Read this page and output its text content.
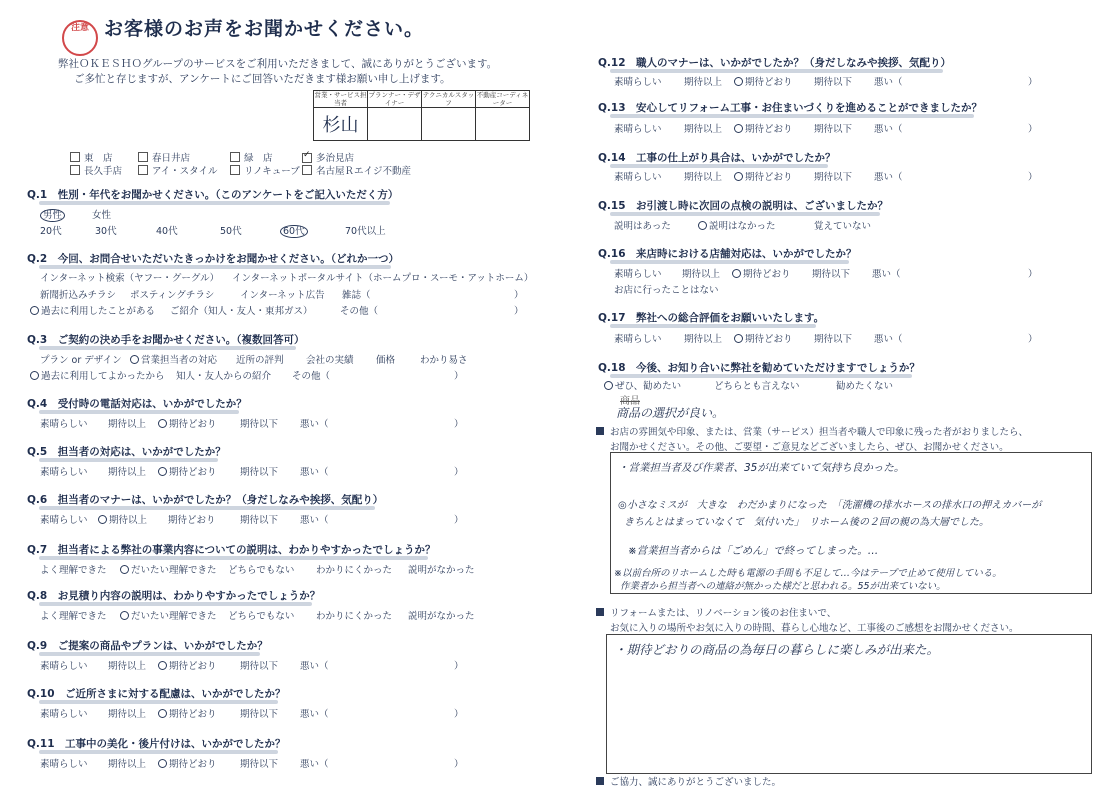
注意 お客様のお声をお聞かせください。
弊社ＯＫＥＳＨＯグループのサービスをご利用いただきまして、誠にありがとうございます。
ご多忙と存じますが、アンケートにご回答いただきます様お願い申し上げます。
営業・サービス担当者	プランナー・デザイナー	テクニカルスタッフ	不動産コーディネーター
杉山			
東　店	春日井店	緑　店 ✓	多治見店
長久手店	アイ・スタイル	リノキューブ	名古屋Ｒエイジ不動産
Q.1　性別・年代をお聞かせください。（このアンケートをご記入いただく方）
男性	女性
20代	30代	40代	50代	60代	70代以上
Q.2　今回、お問合せいただいたきっかけをお聞かせください。（どれか一つ）
インターネット検索（ヤフー・グーグル） インターネットポータルサイト（ホームプロ・スーモ・アットホーム）
新聞折込みチラシ ポスティングチラシ	インターネット広告 雑誌（	）
過去に利用したことがある ご紹介（知人・友人・東邦ガス）	その他（	）
Q.3　ご契約の決め手をお聞かせください。（複数回答可）
プラン or デザイン	営業担当者の対応 近所の評判 会社の実績 価格	わかり易さ
過去に利用してよかったから 知人・友人からの紹介 その他（	）
Q.4　受付時の電話対応は、いかがでしたか？
素晴らしい 期待以上	期待どおり 期待以下 悪い（	）
Q.5　担当者の対応は、いかがでしたか？
素晴らしい 期待以上	期待どおり 期待以下 悪い（	）
Q.6　担当者のマナーは、いかがでしたか？（身だしなみや挨拶、気配り）
素晴らしい	期待以上 期待どおり	期待以下 悪い（	）
Q.7　担当者による弊社の事業内容についての説明は、わかりやすかったでしょうか？
よく理解できた	だいたい理解できた どちらでもない わかりにくかった 説明がなかった
Q.8　お見積り内容の説明は、わかりやすかったでしょうか？
よく理解できた	だいたい理解できた どちらでもない わかりにくかった 説明がなかった
Q.9　ご提案の商品やプランは、いかがでしたか？
素晴らしい 期待以上	期待どおり 期待以下 悪い（	）
Q.10　ご近所さまに対する配慮は、いかがでしたか？
素晴らしい 期待以上	期待どおり 期待以下 悪い（	）
Q.11　工事中の美化・後片付けは、いかがでしたか？
素晴らしい 期待以上	期待どおり 期待以下 悪い（	）
Q.12　職人のマナーは、いかがでしたか？（身だしなみや挨拶、気配り）
素晴らしい 期待以上	期待どおり 期待以下 悪い（	）
Q.13　安心してリフォーム工事・お住まいづくりを進めることができましたか？
素晴らしい 期待以上	期待どおり 期待以下 悪い（	）
Q.14　工事の仕上がり具合は、いかがでしたか？
素晴らしい 期待以上	期待どおり 期待以下 悪い（	）
Q.15　お引渡し時に次回の点検の説明は、ございましたか？
説明はあった	説明はなかった	覚えていない
Q.16　来店時における店舗対応は、いかがでしたか？
素晴らしい 期待以上	期待どおり 期待以下 悪い（	）
お店に行ったことはない
Q.17　弊社への総合評価をお願いいたします。
素晴らしい 期待以上	期待どおり 期待以下 悪い（	）
Q.18　今後、お知り合いに弊社を勧めていただけますでしょうか？
ぜひ、勧めたい	どちらとも言えない	勧めたくない
商品
商品の選択が良い。
お店の雰囲気や印象、または、営業（サービス）担当者や職人で印象に残った者がおりましたら、
お聞かせください。その他、ご要望・ご意見などございましたら、ぜひ、お聞かせください。
・営業担当者及び作業者、35が出来ていて気持ち良かった。
◎小さなミスが　大きな　わだかまりになった　「洗濯機の排水ホースの排水口の押えカバーが
きちんとはまっていなくて　気付いた」　リホーム後の２回の親の為大層でした。
※営業担当者からは「ごめん」で終ってしまった。…
※以前台所のリホームした時も電源の手間も不足して…今はテープで止めて使用している。
作業者から担当者への連絡が無かった様だと思われる。55が出来ていない。
リフォームまたは、リノベーション後のお住まいで、
お気に入りの場所やお気に入りの時間、暮らし心地など、工事後のご感想をお聞かせください。
・期待どおりの商品の為毎日の暮らしに楽しみが出来た。
ご協力、誠にありがとうございました。
